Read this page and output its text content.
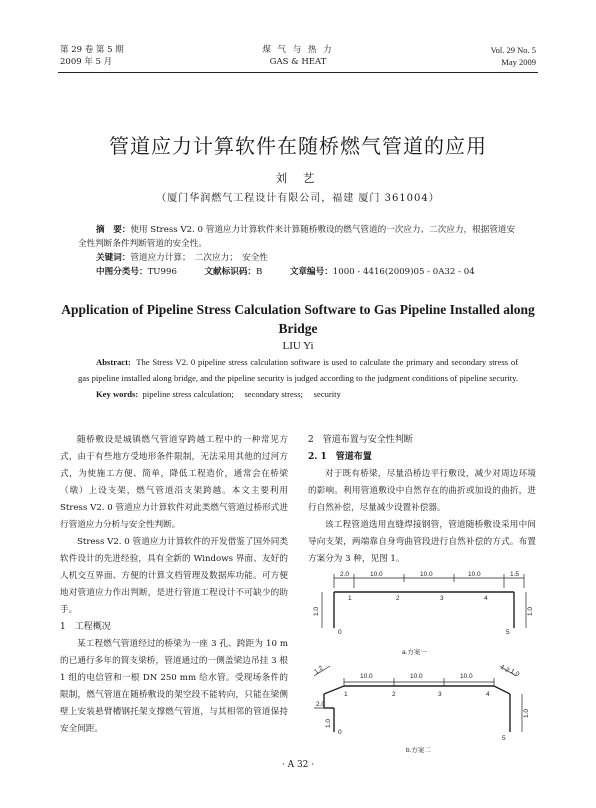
第 29 卷 第 5 期
2009 年 5 月
煤 气 与 热 力
GAS & HEAT
Vol. 29 No. 5
May 2009
管道应力计算软件在随桥燃气管道的应用
刘 艺
（厦门华润燃气工程设计有限公司，福建 厦门 361004）
摘　要：使用 Stress V2. 0 管道应力计算软件来计算随桥敷设的燃气管道的一次应力、二次应力，根据管道安全性判断条件判断管道的安全性。
关键词：管道应力计算；　二次应力；　安全性
中图分类号：TU996	文献标识码：B	文章编号：1000 - 4416(2009)05 - 0A32 - 04
Application of Pipeline Stress Calculation Software to Gas Pipeline Installed along Bridge
LIU Yi
Abstract: The Stress V2. 0 pipeline stress calculation software is used to calculate the primary and secondary stress of gas pipeline installed along bridge, and the pipeline security is judged according to the judgment conditions of pipeline security.
Key words: pipeline stress calculation;　 secondary stress;　 security

随桥敷设是城镇燃气管道穿跨越工程中的一种常见方式，由于有些地方受地形条件限制，无法采用其他的过河方式，为使施工方便、简单，降低工程造价，通常会在桥梁（墩）上设支架，燃气管道沿支架跨越。本文主要利用 Stress V2. 0 管道应力计算软件对此类燃气管道过桥形式进行管道应力分析与安全性判断。

Stress V2. 0 管道应力计算软件的开发借鉴了国外同类软件设计的先进经验，具有全新的 Windows 界面、友好的人机交互界面、方便的计算文档管理及数据库功能。可方便地对管道应力作出判断，是进行管道工程设计不可缺少的助手。

1　工程概况

某工程燃气管道经过的桥梁为一座 3 孔、跨距为 10 m 的已通行多年的简支梁桥，管道通过的一侧盖梁边吊挂 3 根 1 组的电信管和一根 DN 250 mm 给水管。受现场条件的限制，燃气管道在随桥敷设的架空段不能转向，只能在梁侧壁上安装悬臂槽钢托架支撑燃气管道，与其相邻的管道保持安全间距。

2　管道布置与安全性判断

2. 1　管道布置

对于既有桥梁，尽量沿桥边平行敷设，减少对周边环境的影响。利用管道敷设中自然存在的曲折或加设的曲折，进行自然补偿，尽量减少设置补偿器。

该工程管道选用直缝焊接钢管，管道随桥敷设采用中间导向支架，两端靠自身弯曲管段进行自然补偿的方式。布置方案分为 3 种，见图 1。

2.0	10.0	10.0	10.0	1.5
0
1	2	3	4
5
1.0	1.0
a.方案一
10.0	10.0	10.0
1.2	1.2
1.0
2.0
0
1	2	3	4
5
1.0
1.0
b.方案二
· A 32 ·
